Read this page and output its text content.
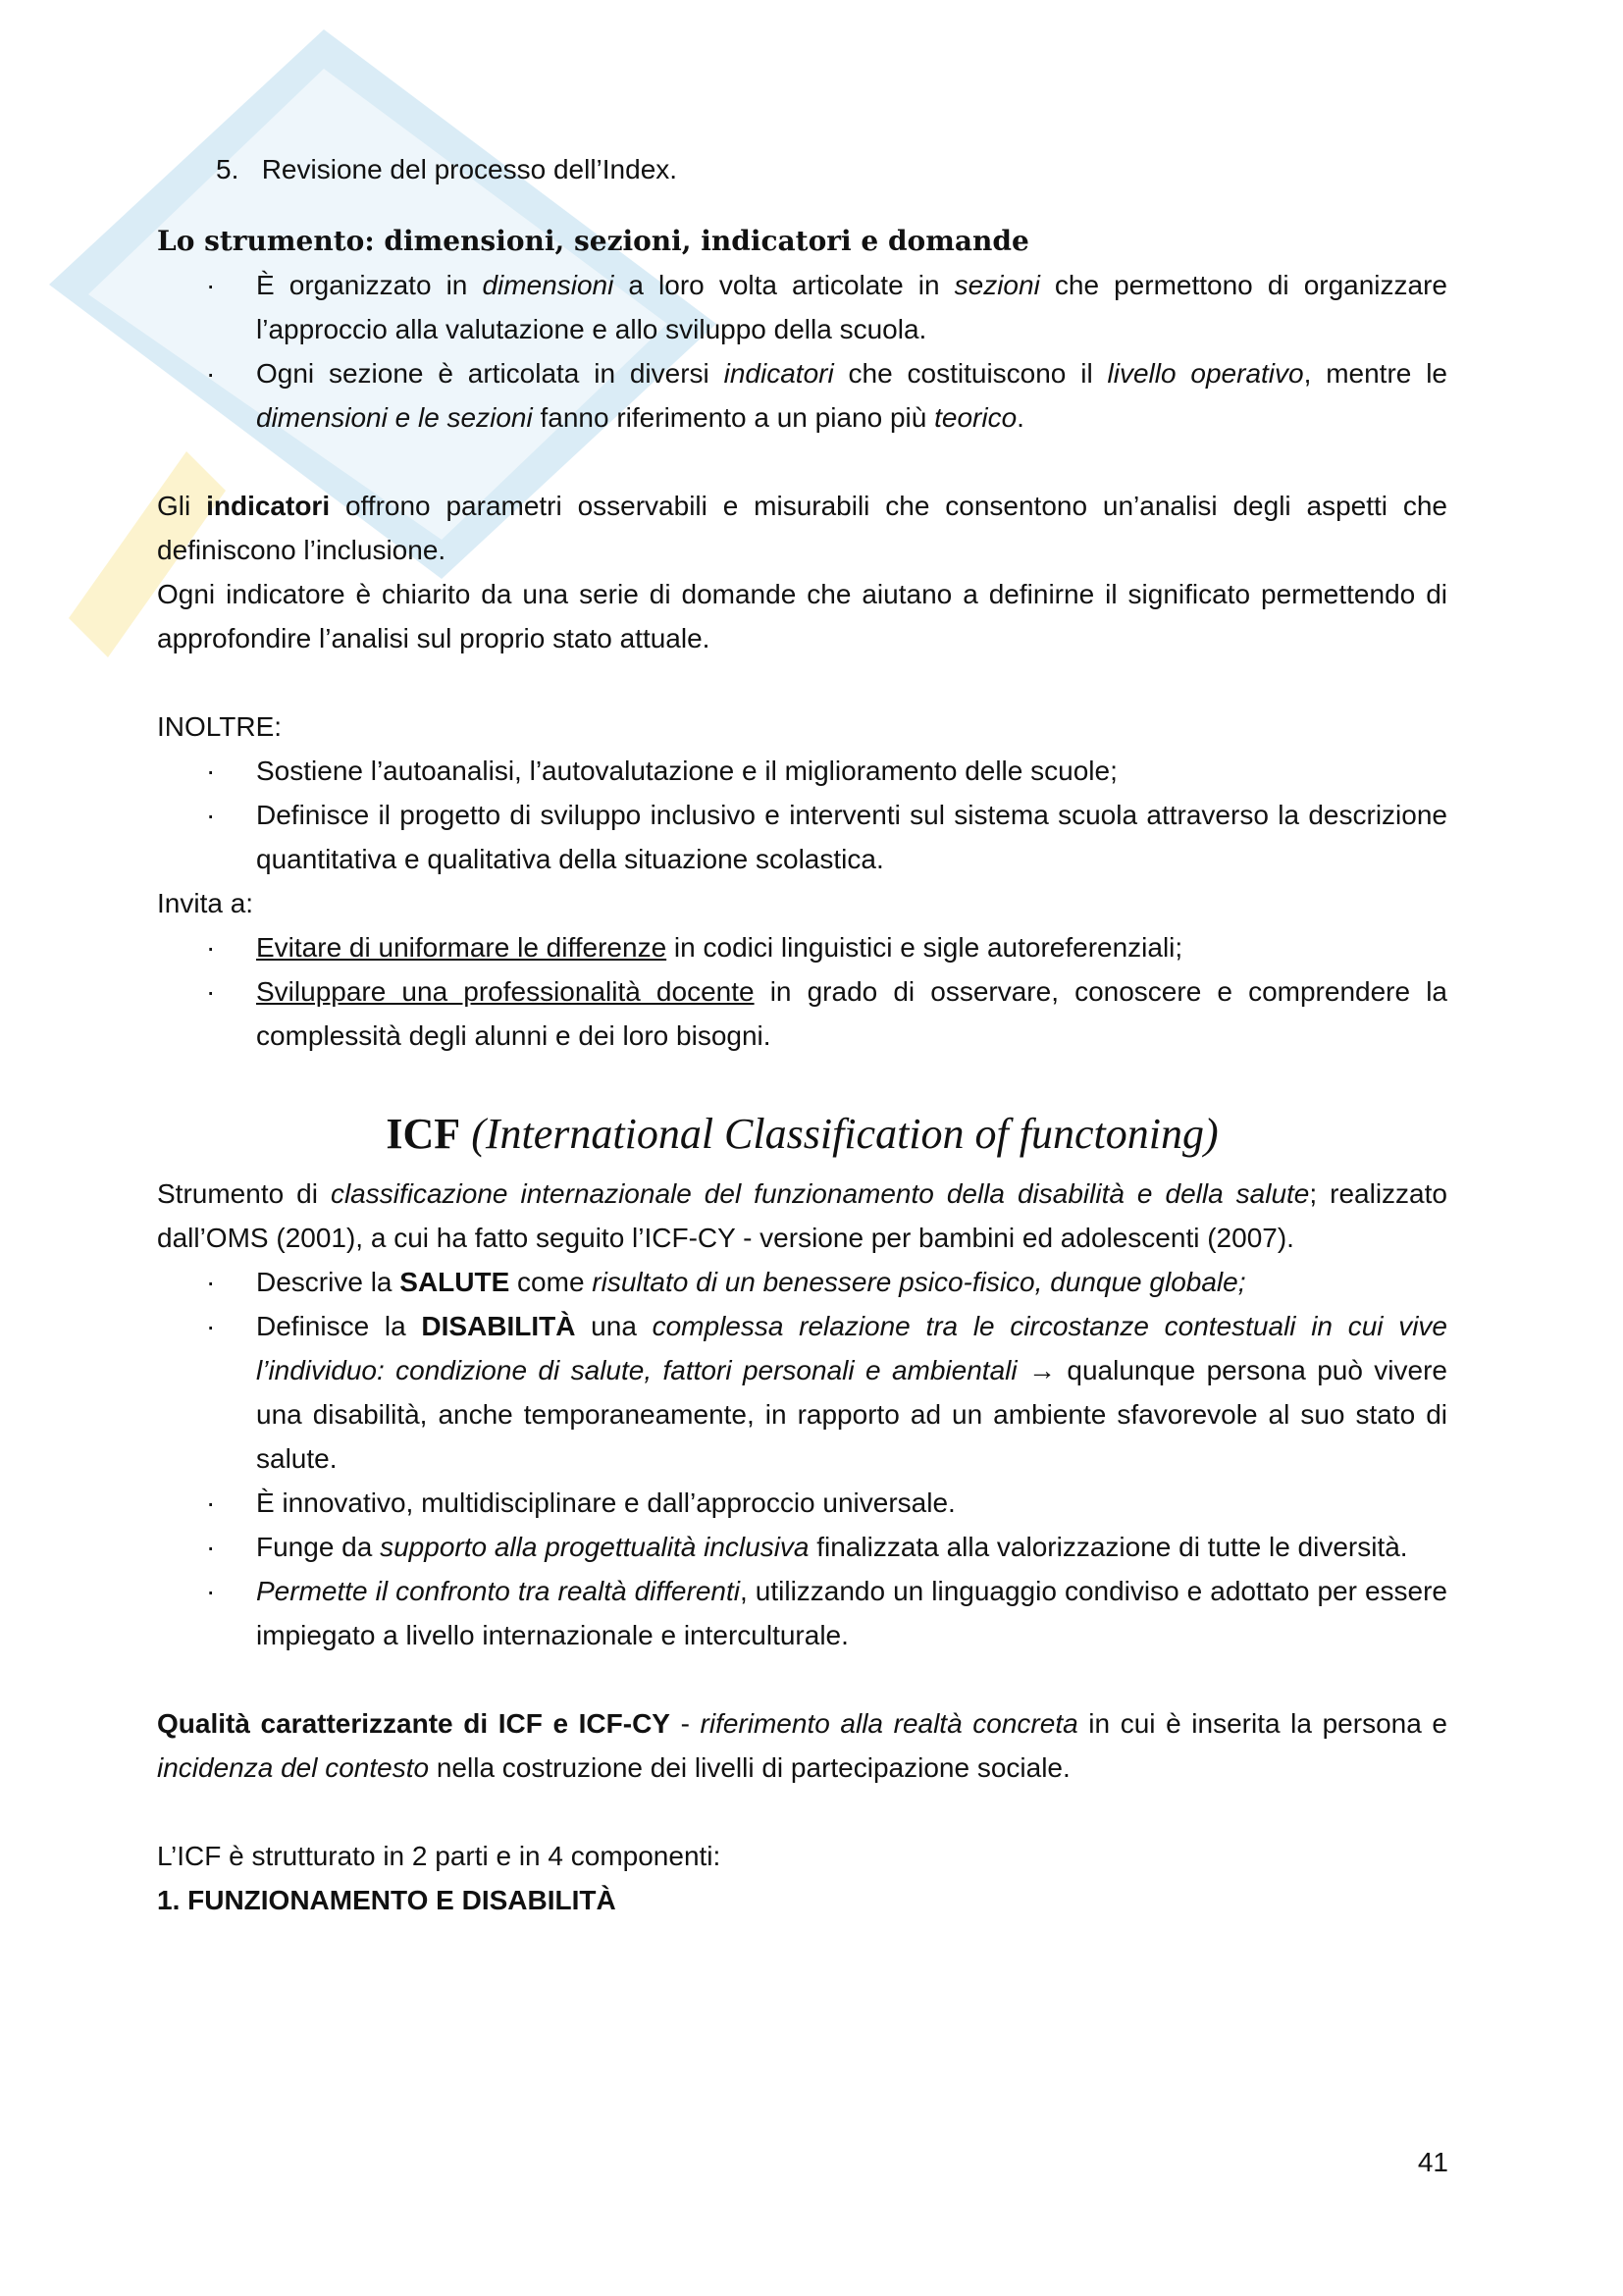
5. Revisione del processo dell’Index.

Lo strumento: dimensioni, sezioni, indicatori e domande
· È organizzato in dimensioni a loro volta articolate in sezioni che permettono di organizzare l’approccio alla valutazione e allo sviluppo della scuola.
· Ogni sezione è articolata in diversi indicatori che costituiscono il livello operativo, mentre le dimensioni e le sezioni fanno riferimento a un piano più teorico.

Gli indicatori offrono parametri osservabili e misurabili che consentono un’analisi degli aspetti che definiscono l’inclusione.

Ogni indicatore è chiarito da una serie di domande che aiutano a definirne il significato permettendo di approfondire l’analisi sul proprio stato attuale.

INOLTRE:

· Sostiene l’autoanalisi, l’autovalutazione e il miglioramento delle scuole;
· Definisce il progetto di sviluppo inclusivo e interventi sul sistema scuola attraverso la descrizione quantitativa e qualitativa della situazione scolastica.

Invita a:

· Evitare di uniformare le differenze in codici linguistici e sigle autoreferenziali;
· Sviluppare una professionalità docente in grado di osservare, conoscere e comprendere la complessità degli alunni e dei loro bisogni.
ICF (International Classification of functoning)

Strumento di classificazione internazionale del funzionamento della disabilità e della salute; realizzato dall’OMS (2001), a cui ha fatto seguito l’ICF-CY - versione per bambini ed adolescenti (2007).

· Descrive la SALUTE come risultato di un benessere psico-fisico, dunque globale;
· Definisce la DISABILITÀ una complessa relazione tra le circostanze contestuali in cui vive l’individuo: condizione di salute, fattori personali e ambientali → qualunque persona può vivere una disabilità, anche temporaneamente, in rapporto ad un ambiente sfavorevole al suo stato di salute.
· È innovativo, multidisciplinare e dall’approccio universale.
· Funge da supporto alla progettualità inclusiva finalizzata alla valorizzazione di tutte le diversità.
· Permette il confronto tra realtà differenti, utilizzando un linguaggio condiviso e adottato per essere impiegato a livello internazionale e interculturale.

Qualità caratterizzante di ICF e ICF-CY - riferimento alla realtà concreta in cui è inserita la persona e incidenza del contesto nella costruzione dei livelli di partecipazione sociale.

L’ICF è strutturato in 2 parti e in 4 componenti:

1. FUNZIONAMENTO E DISABILITÀ

41
